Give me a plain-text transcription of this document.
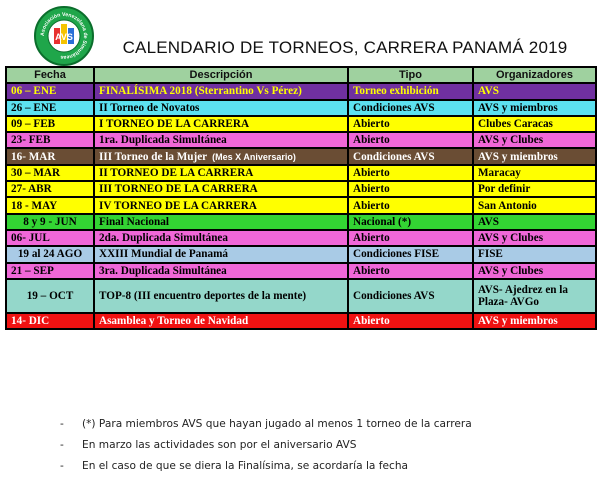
Asociación Venezolana de Simultáneas
AVS
CALENDARIO DE TORNEOS, CARRERA PANAMÁ 2019
Fecha	Descripción	Tipo	Organizadores
06 – ENE	FINALÍSIMA 2018 (Sterrantino Vs Pérez)	Torneo exhibición	AVS
26 – ENE	II Torneo de Novatos	Condiciones AVS	AVS y miembros
09 – FEB	I TORNEO DE LA CARRERA	Abierto	Clubes Caracas
23- FEB	1ra. Duplicada Simultánea	Abierto	AVS y Clubes
16- MAR	III Torneo de la Mujer (Mes X Aniversario)	Condiciones AVS	AVS y miembros
30 – MAR	II TORNEO DE LA CARRERA	Abierto	Maracay
27- ABR	III TORNEO DE LA CARRERA	Abierto	Por definir
18 - MAY	IV TORNEO DE LA CARRERA	Abierto	San Antonio
8 y 9 - JUN	Final Nacional	Nacional (*)	AVS
06- JUL	2da. Duplicada Simultánea	Abierto	AVS y Clubes
19 al 24 AGO	XXIII Mundial de Panamá	Condiciones FISE	FISE
21 – SEP	3ra. Duplicada Simultánea	Abierto	AVS y Clubes
19 – OCT	TOP-8 (III encuentro deportes de la mente)	Condiciones AVS	AVS- Ajedrez en la Plaza- AVGo
14- DIC	Asamblea y Torneo de Navidad	Abierto	AVS y miembros
- (*) Para miembros AVS que hayan jugado al menos 1 torneo de la carrera
- En marzo las actividades son por el aniversario AVS
- En el caso de que se diera la Finalísima, se acordaría la fecha
